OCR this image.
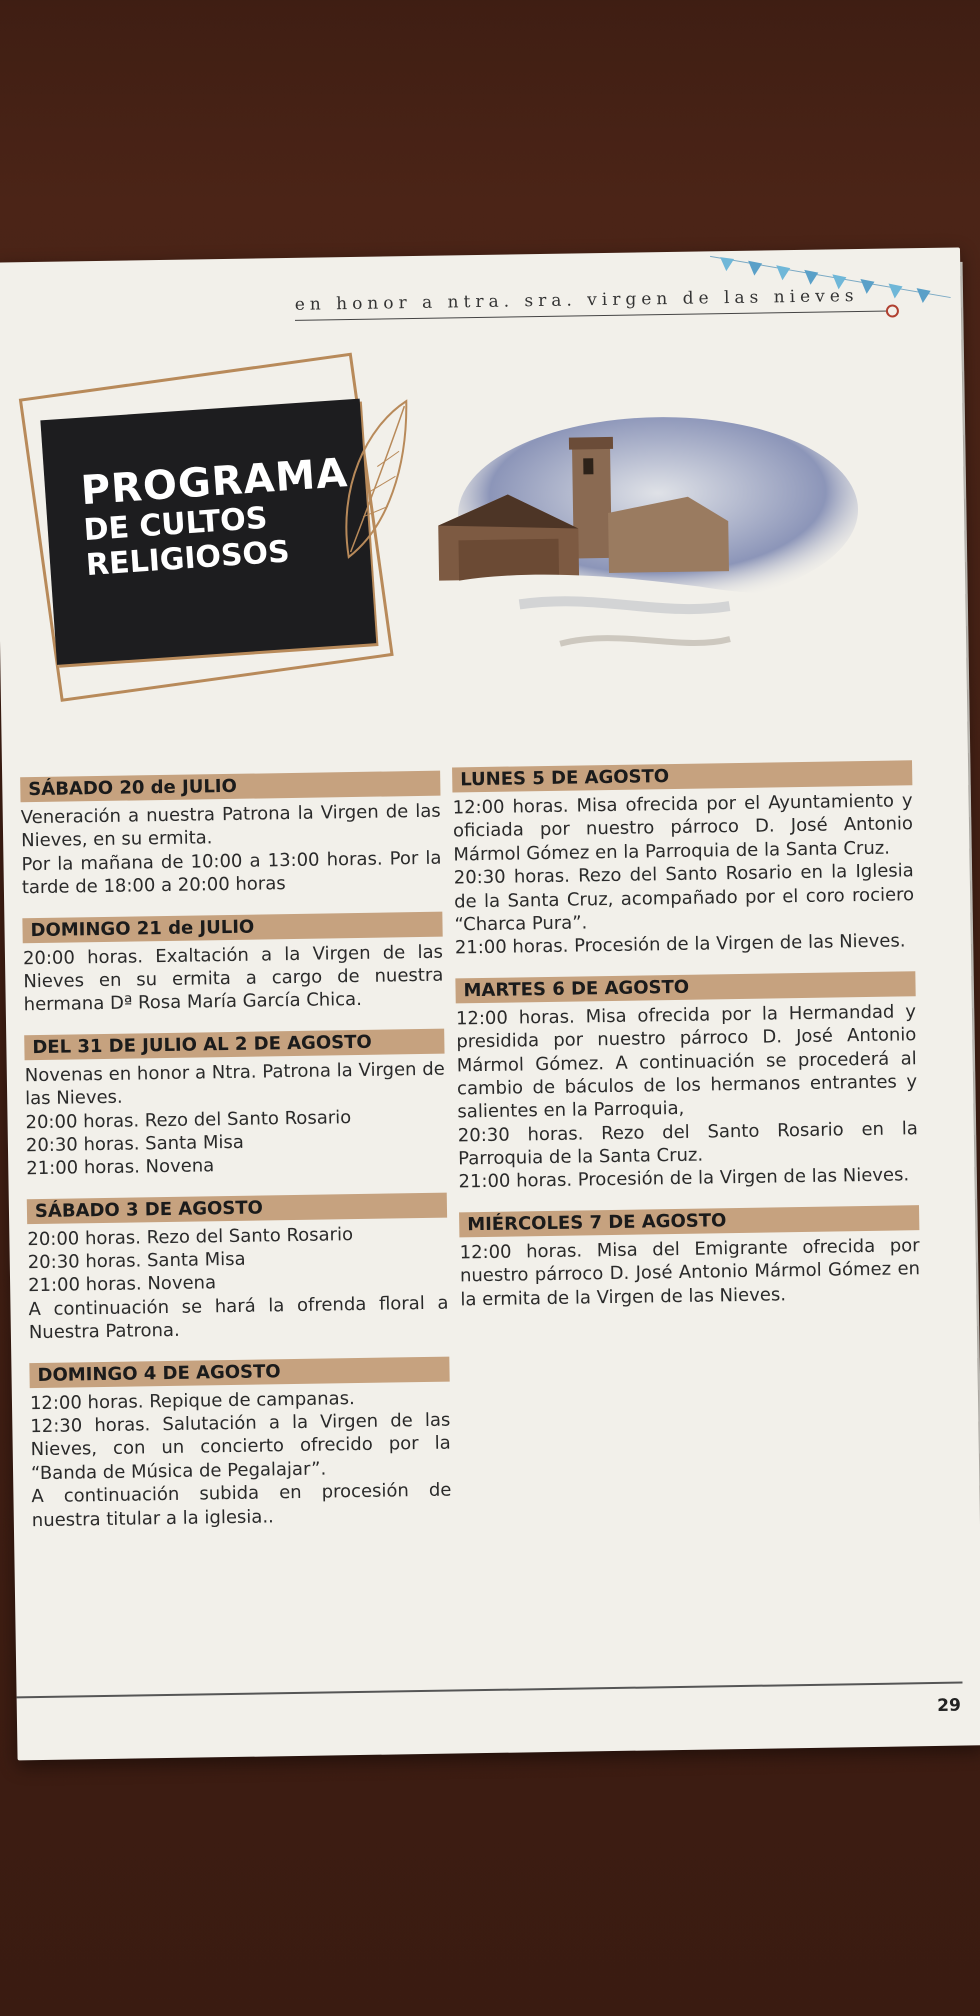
en honor a ntra. sra. virgen de las nieves
PROGRAMA
DE CULTOS
RELIGIOSOS
SÁBADO 20 de JULIO

Veneración a nuestra Patrona la Virgen de las Nieves, en su ermita.

Por la mañana de 10:00 a 13:00 horas. Por la tarde de 18:00 a 20:00 horas

DOMINGO 21 de JULIO

20:00 horas. Exaltación a la Virgen de las Nieves en su ermita a cargo de nuestra hermana Dª Rosa María García Chica.

DEL 31 DE JULIO AL 2 DE AGOSTO

Novenas en honor a Ntra. Patrona la Virgen de las Nieves.

20:00 horas. Rezo del Santo Rosario

20:30 horas. Santa Misa

21:00 horas. Novena

SÁBADO 3 DE AGOSTO

20:00 horas. Rezo del Santo Rosario

20:30 horas. Santa Misa

21:00 horas. Novena

A continuación se hará la ofrenda floral a Nuestra Patrona.

DOMINGO 4 DE AGOSTO

12:00 horas. Repique de campanas.

12:30 horas. Salutación a la Virgen de las Nieves, con un concierto ofrecido por la “Banda de Música de Pegalajar”.

A continuación subida en procesión de nuestra titular a la iglesia..

LUNES 5 DE AGOSTO

12:00 horas. Misa ofrecida por el Ayuntamiento y oficiada por nuestro párroco D. José Antonio Mármol Gómez en la Parroquia de la Santa Cruz.

20:30 horas. Rezo del Santo Rosario en la Iglesia de la Santa Cruz, acompañado por el coro rociero “Charca Pura”.

21:00 horas. Procesión de la Virgen de las Nieves.

MARTES 6 DE AGOSTO

12:00 horas. Misa ofrecida por la Hermandad y presidida por nuestro párroco D. José Antonio Mármol Gómez. A continuación se procederá al cambio de báculos de los hermanos entrantes y salientes en la Parroquia,

20:30 horas. Rezo del Santo Rosario en la Parroquia de la Santa Cruz.

21:00 horas. Procesión de la Virgen de las Nieves.

MIÉRCOLES 7 DE AGOSTO

12:00 horas. Misa del Emigrante ofrecida por nuestro párroco D. José Antonio Mármol Gómez en la ermita de la Virgen de las Nieves.

29
